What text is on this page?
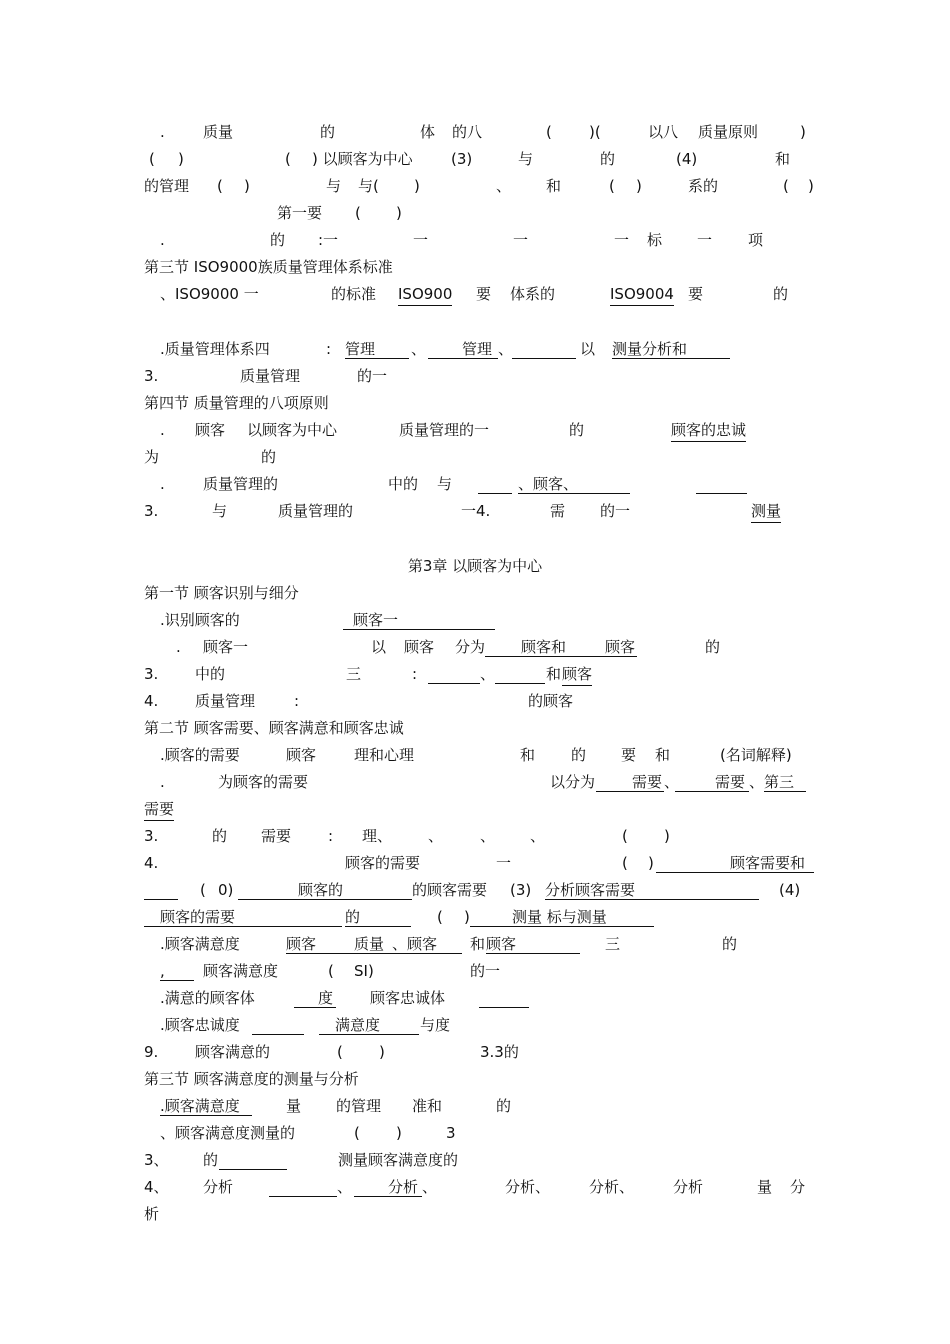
.	质量	的	体 的八	( )(	以八 质量原则	)
( )	( ) 以顾客为中心	(3)	与	的	(4)	和
的管理 ( )	与 与( )	、 和	( )	系的	( )
第一要 ( )
.	的 :一	一	一	一 标 一 项
第三节 ISO9000族质量管理体系标准
、ISO9000 一	的标准 ISO900 要 体系的	ISO9004 要	的
.质量管理体系四	: 管理	、	管理 、	以 测量分析和
3.	质量管理	的一
第四节 质量管理的八项原则
. 顾客 以顾客为中心	质量管理的一	的	顾客的忠诚
为	的
.	质量管理的	中的 与	、顾客、
3.	与	质量管理的	一4.	需 的一	测量
第3章 以顾客为中心
第一节 顾客识别与细分
.识别顾客的	顾客一
. 顾客一	以 顾客 分为	顾客和	顾客	的
3. 中的	三	:	、	和 顾客
4. 质量管理	:	的顾客
第二节 顾客需要、顾客满意和顾客忠诚
.顾客的需要	顾客	理和心理	和 的 要 和	(名词解释)
.	为顾客的需要	以分为	需要 、	需要 、 第三
需要
3.	的 需要 : 理、 、 、 、	( )
4.	顾客的需要	一	( )	顾客需要和
( 0)	顾客的	的顾客需要 (3) 分析顾客需要	(4)
顾客的需要	的	( )	测量 标与测量
.顾客满意度	顾客	质量 、顾客	和 顾客	三	的
,	顾客满意度	( SI)	的一
.满意的顾客体	度 顾客忠诚体
.顾客忠诚度	满意度	与度
9. 顾客满意的	( )	3.3的
第三节 顾客满意度的测量与分析
.顾客满意度	量 的管理 准和	的
、顾客满意度测量的	( )	3
3、 的	测量顾客满意度的
4、 分析	、	分析 、	分析、	分析、	分析	量 分
析
